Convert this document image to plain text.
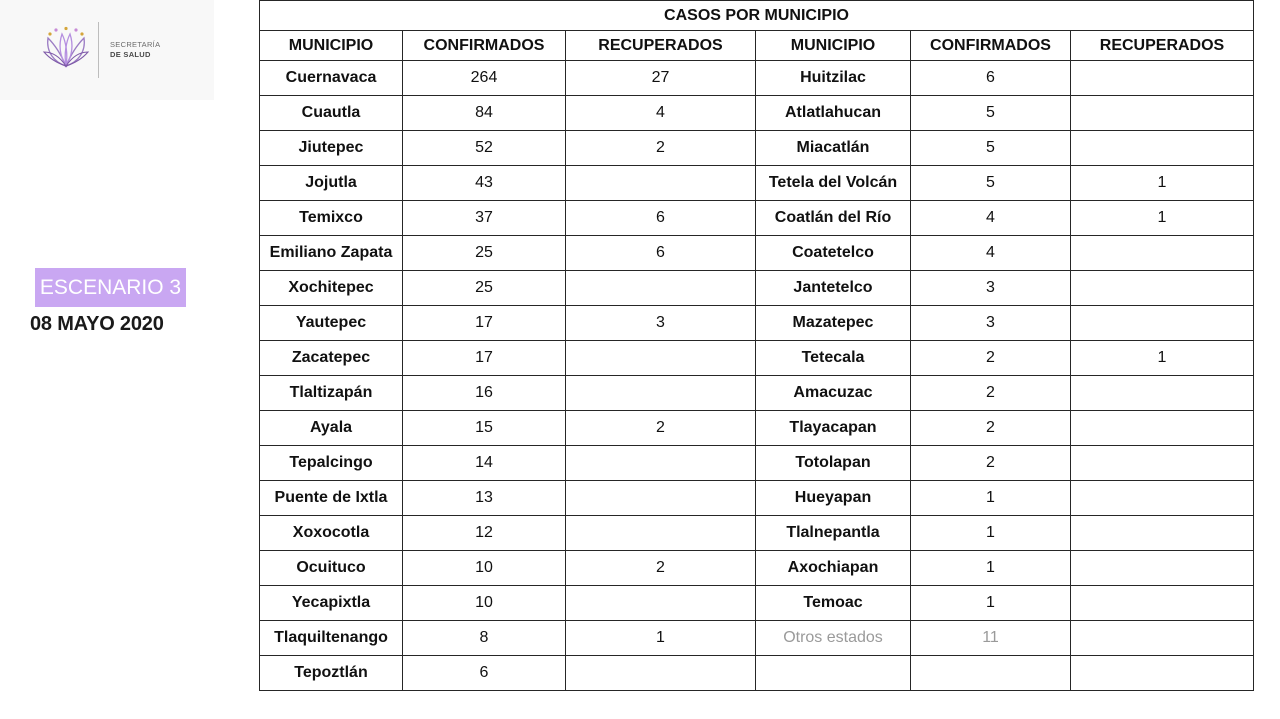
SECRETARÍA
DE SALUD
ESCENARIO 3
08 MAYO 2020
CASOS POR MUNICIPIO					
MUNICIPIO	CONFIRMADOS	RECUPERADOS	MUNICIPIO	CONFIRMADOS	RECUPERADOS
Cuernavaca	264	27	Huitzilac	6	
Cuautla	84	4	Atlatlahucan	5	
Jiutepec	52	2	Miacatlán	5	
Jojutla	43		Tetela del Volcán	5	1
Temixco	37	6	Coatlán del Río	4	1
Emiliano Zapata	25	6	Coatetelco	4	
Xochitepec	25		Jantetelco	3	
Yautepec	17	3	Mazatepec	3	
Zacatepec	17		Tetecala	2	1
Tlaltizapán	16		Amacuzac	2	
Ayala	15	2	Tlayacapan	2	
Tepalcingo	14		Totolapan	2	
Puente de Ixtla	13		Hueyapan	1	
Xoxocotla	12		Tlalnepantla	1	
Ocuituco	10	2	Axochiapan	1	
Yecapixtla	10		Temoac	1	
Tlaquiltenango	8	1	Otros estados	11	
Tepoztlán	6				
